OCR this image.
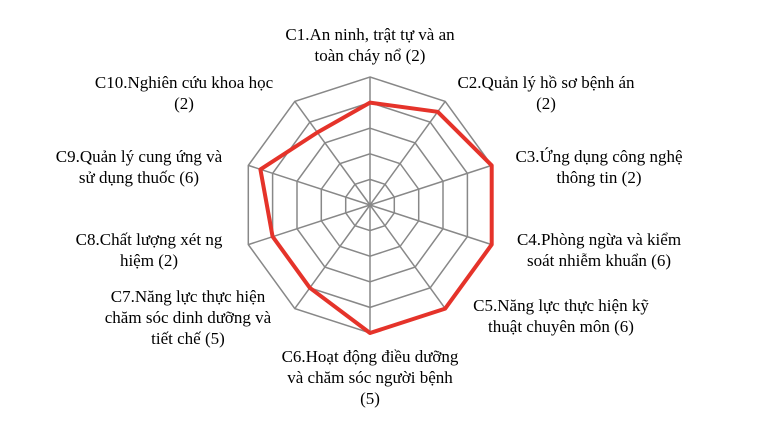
C1.An ninh, trật tự và an
toàn cháy nổ (2)
C2.Quản lý hồ sơ bệnh án
(2)
C3.Ứng dụng công nghệ
thông tin (2)
C4.Phòng ngừa và kiểm
soát nhiễm khuẩn (6)
C5.Năng lực thực hiện kỹ
thuật chuyên môn (6)
C6.Hoạt động điều dưỡng
và chăm sóc người bệnh
(5)
C7.Năng lực thực hiện
chăm sóc dinh dưỡng và
tiết chế (5)
C8.Chất lượng xét ng
hiệm (2)
C9.Quản lý cung ứng và
sử dụng thuốc (6)
C10.Nghiên cứu khoa học
(2)
